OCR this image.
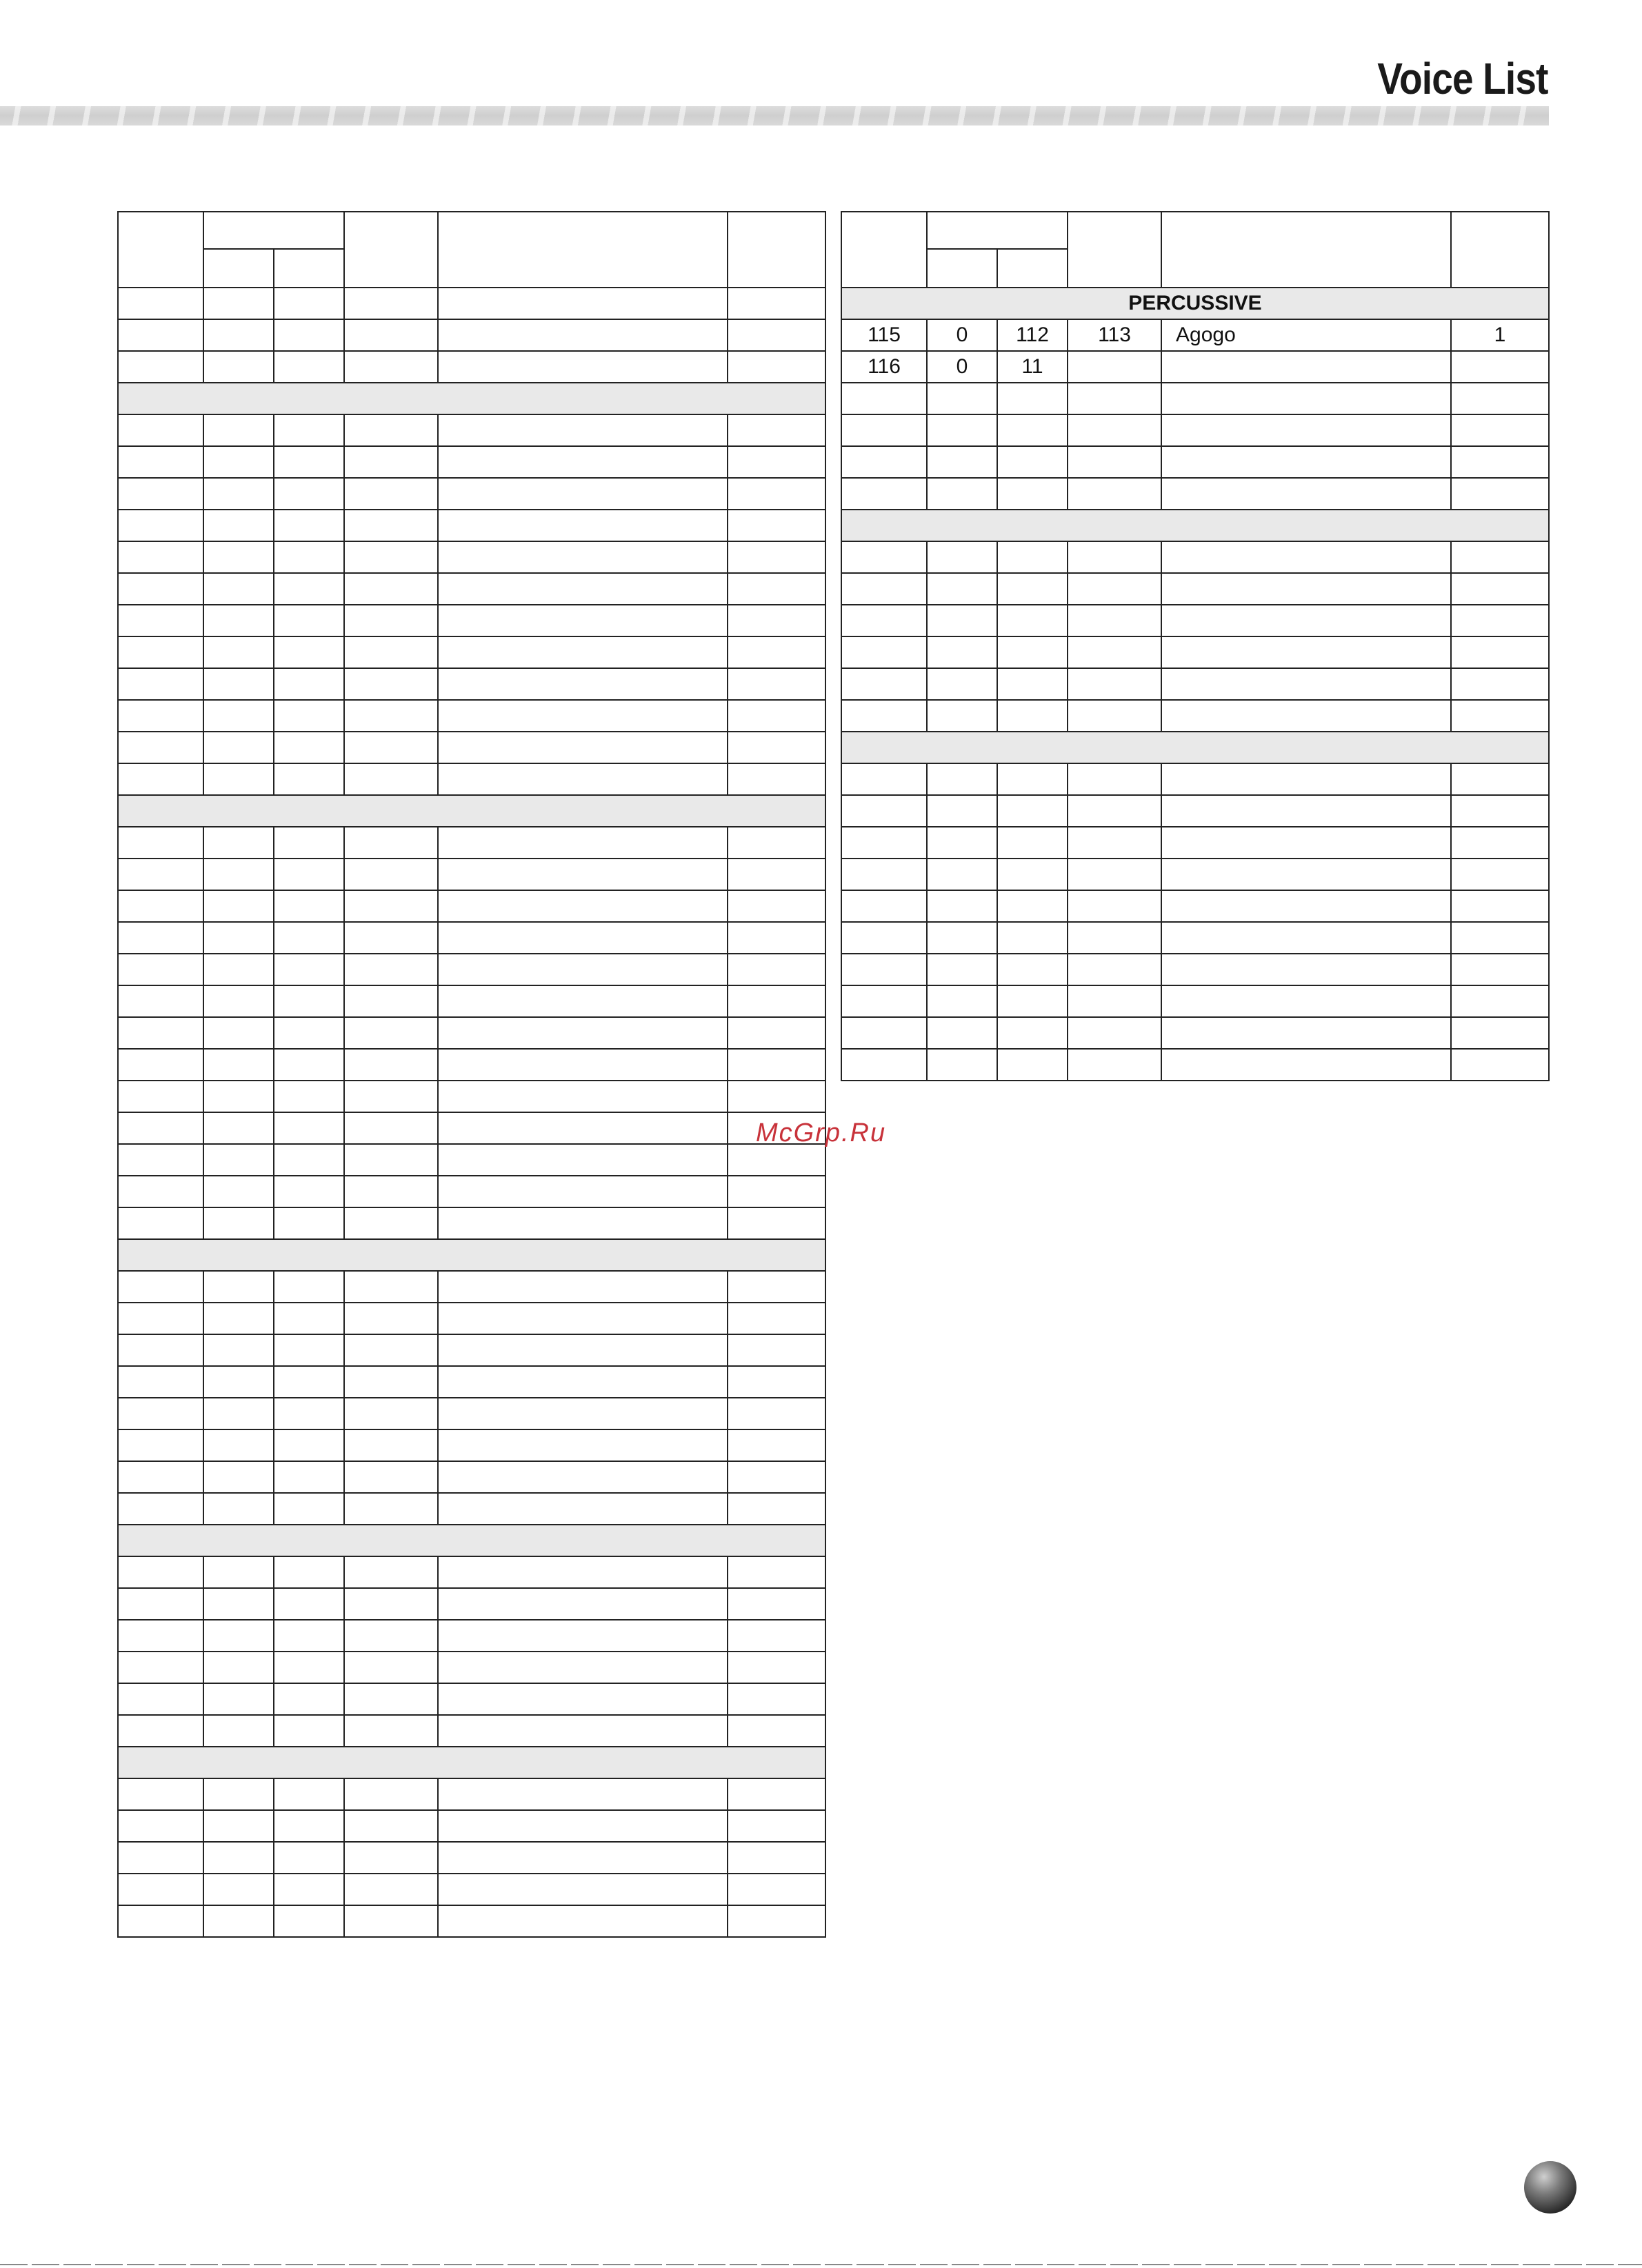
Voice List

PERCUSSIVE					
115	0	112	113	Agogo	1
116	0	11			

McGrp.Ru
